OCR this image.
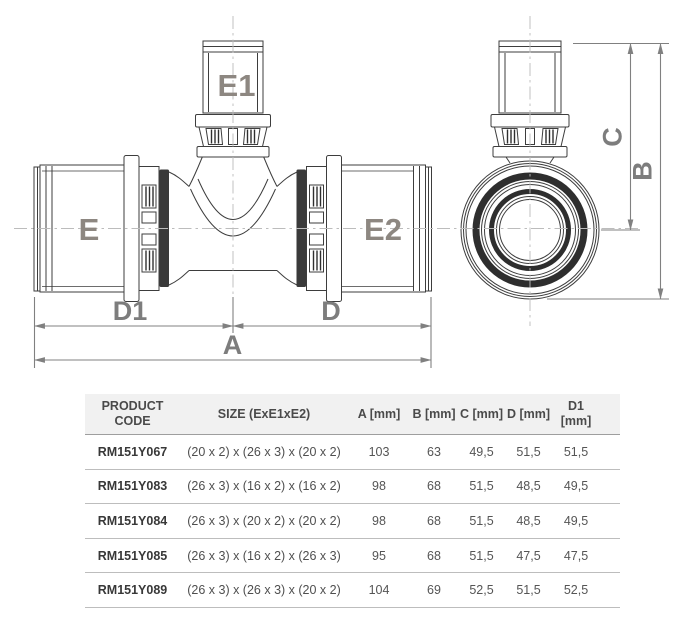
E
E1
E2
D1	D
A
C
B
PRODUCT CODE	SIZE (ExE1xE2)	A [mm]	B [mm]	C [mm]	D [mm]	D1 [mm]	
RM151Y067	(20 x 2) x (26 x 3) x (20 x 2)	103	63	49,5	51,5	51,5	
RM151Y083	(26 x 3) x (16 x 2) x (16 x 2)	98	68	51,5	48,5	49,5	
RM151Y084	(26 x 3) x (20 x 2) x (20 x 2)	98	68	51,5	48,5	49,5	
RM151Y085	(26 x 3) x (16 x 2) x (26 x 3)	95	68	51,5	47,5	47,5	
RM151Y089	(26 x 3) x (26 x 3) x (20 x 2)	104	69	52,5	51,5	52,5	
